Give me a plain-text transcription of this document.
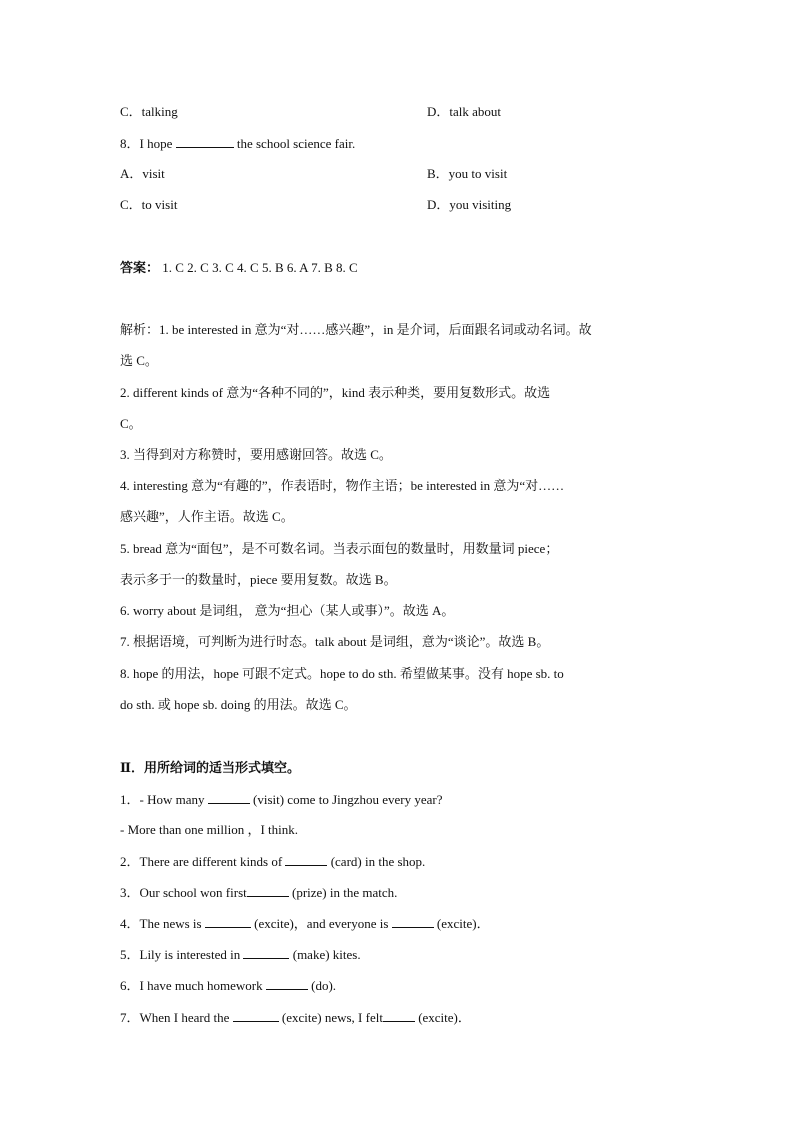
C．talking	D．talk about
8．I hope	the school science fair.
A．visit	B．you to visit
C．to visit	D．you visiting
答案： 1. C 2. C 3. C 4. C 5. B 6. A 7. B 8. C
解析：1. be interested in 意为“对……感兴趣”，in 是介词，后面跟名词或动名词。故
选 C。
2. different kinds of 意为“各种不同的”，kind 表示种类，要用复数形式。故选
C。
3. 当得到对方称赞时，要用感谢回答。故选 C。
4. interesting 意为“有趣的”，作表语时，物作主语；be interested in 意为“对……
感兴趣”，人作主语。故选 C。
5. bread 意为“面包”，是不可数名词。当表示面包的数量时，用数量词 piece；
表示多于一的数量时，piece 要用复数。故选 B。
6. worry about 是词组， 意为“担心（某人或事）”。故选 A。
7. 根据语境，可判断为进行时态。talk about 是词组，意为“谈论”。故选 B。
8. hope 的用法，hope 可跟不定式。hope to do sth. 希望做某事。没有 hope sb. to
do sth. 或 hope sb. doing 的用法。故选 C。
Ⅱ．用所给词的适当形式填空。
1．- How many	(visit) come to Jingzhou every year?
- More than one million ，I think.
2．There are different kinds of	(card) in the shop.
3．Our school won first	(prize) in the match.
4．The news is	(excite)，and everyone is	(excite)．
5．Lily is interested in	(make) kites.
6．I have much homework	(do).
7．When I heard the	(excite) news, I felt (excite)．
